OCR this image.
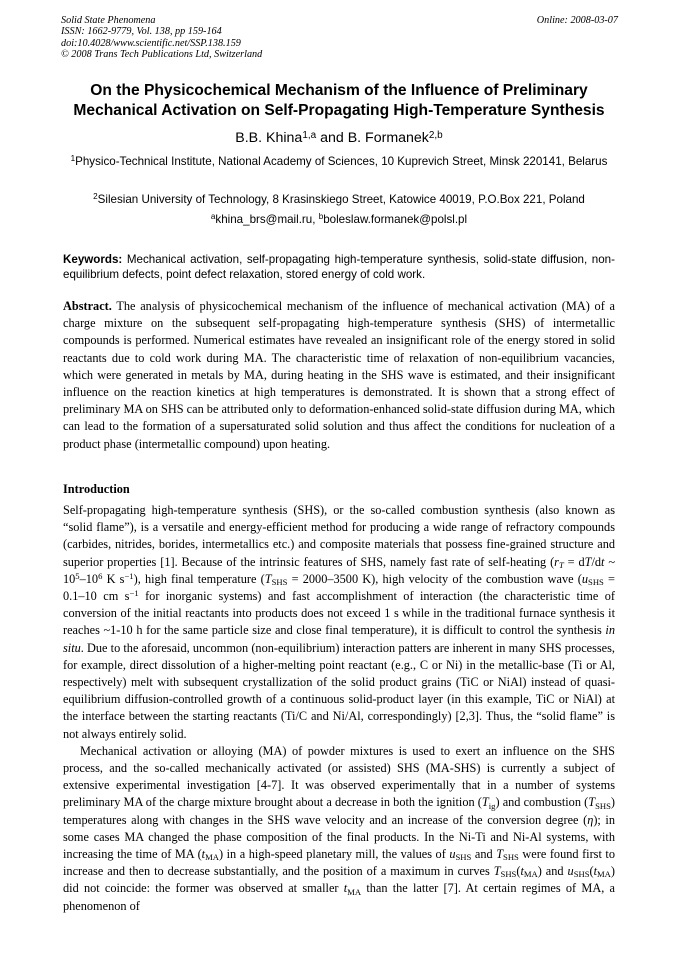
Solid State Phenomena
ISSN: 1662-9779, Vol. 138, pp 159-164
doi:10.4028/www.scientific.net/SSP.138.159
© 2008 Trans Tech Publications Ltd, Switzerland
Online: 2008-03-07
On the Physicochemical Mechanism of the Influence of Preliminary
Mechanical Activation on Self-Propagating High-Temperature Synthesis
B.B. Khina$^{1,a}$ and B. Formanek$^{2,b}$
$^1$Physico-Technical Institute, National Academy of Sciences, 10 Kuprevich Street, Minsk 220141, Belarus
$^2$Silesian University of Technology, 8 Krasinskiego Street, Katowice 40019, P.O.Box 221, Poland
$^a$khina_brs@mail.ru, $^b$boleslaw.formanek@polsl.pl
Keywords: Mechanical activation, self-propagating high-temperature synthesis, solid-state diffusion, non-equilibrium defects, point defect relaxation, stored energy of cold work.
Abstract. The analysis of physicochemical mechanism of the influence of mechanical activation (MA) of a charge mixture on the subsequent self-propagating high-temperature synthesis (SHS) of intermetallic compounds is performed. Numerical estimates have revealed an insignificant role of the energy stored in solid reactants due to cold work during MA. The characteristic time of relaxation of non-equilibrium vacancies, which were generated in metals by MA, during heating in the SHS wave is estimated, and their insignificant influence on the reaction kinetics at high temperatures is demonstrated. It is shown that a strong effect of preliminary MA on SHS can be attributed only to deformation-enhanced solid-state diffusion during MA, which can lead to the formation of a supersaturated solid solution and thus affect the conditions for nucleation of a product phase (intermetallic compound) upon heating.
Introduction

Self-propagating high-temperature synthesis (SHS), or the so-called combustion synthesis (also known as “solid flame”), is a versatile and energy-efficient method for producing a wide range of refractory compounds (carbides, nitrides, borides, intermetallics etc.) and composite materials that possess fine-grained structure and superior properties [1]. Because of the intrinsic features of SHS, namely fast rate of self-heating ($r_T = dT/dt$ ~ $10^5-10^6$ K $s^{-1}$), high final temperature ($T_{SHS} = 2000-3500$ K), high velocity of the combustion wave ($u_{SHS} = 0.1-10$ cm $s^{-1}$ for inorganic systems) and fast accomplishment of interaction (the characteristic time of conversion of the initial reactants into products does not exceed 1 s while in the traditional furnace synthesis it reaches ~1-10 h for the same particle size and close final temperature), it is difficult to control the synthesis in situ. Due to the aforesaid, uncommon (non-equilibrium) interaction patters are inherent in many SHS processes, for example, direct dissolution of a higher-melting point reactant (e.g., C or Ni) in the metallic-base (Ti or Al, respectively) melt with subsequent crystallization of the solid product grains (TiC or NiAl) instead of quasi-equilibrium diffusion-controlled growth of a continuous solid-product layer (in this example, TiC or NiAl) at the interface between the starting reactants (Ti/C and Ni/Al, correspondingly) [2,3]. Thus, the “solid flame” is not always entirely solid.

Mechanical activation or alloying (MA) of powder mixtures is used to exert an influence on the SHS process, and the so-called mechanically activated (or assisted) SHS (MA-SHS) is currently a subject of extensive experimental investigation [4-7]. It was observed experimentally that in a number of systems preliminary MA of the charge mixture brought about a decrease in both the ignition $(T_{ig})$ and combustion $(T_{SHS})$ temperatures along with changes in the SHS wave velocity and an increase of the conversion degree (η); in some cases MA changed the phase composition of the final products. In the Ni-Ti and Ni-Al systems, with increasing the time of MA $(t_{MA})$ in a high-speed planetary mill, the values of $u_{SHS}$ and $T_{SHS}$ were found first to increase and then to decrease substantially, and the position of a maximum in curves $T_{SHS}(t_{MA})$ and $u_{SHS}(t_{MA})$ did not coincide: the former was observed at smaller $t_{MA}$ than the latter [7]. At certain regimes of MA, a phenomenon of
